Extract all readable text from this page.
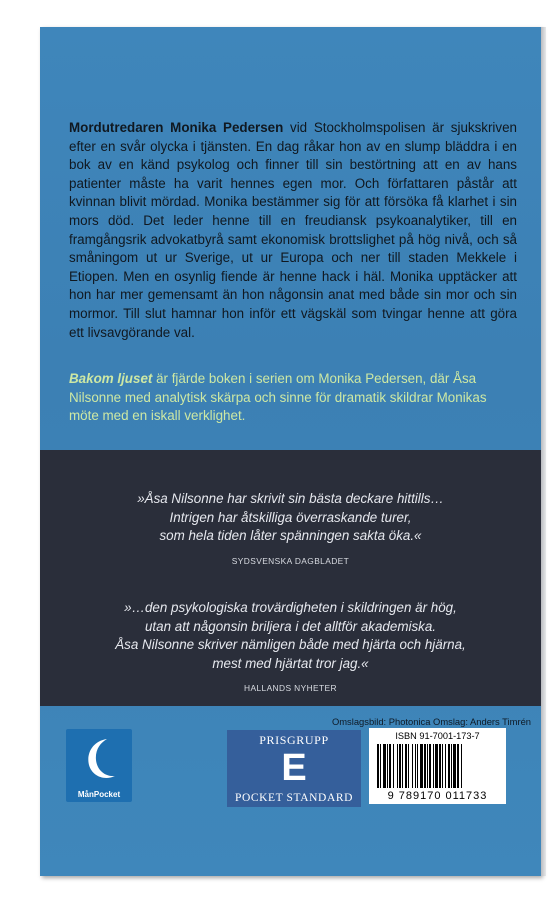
Mordutredaren Monika Pedersen vid Stockholmspolisen är sjukskriven efter en svår olycka i tjänsten. En dag råkar hon av en slump bläddra i en bok av en känd psykolog och finner till sin bestörtning att en av hans patienter måste ha varit hennes egen mor. Och författaren påstår att kvinnan blivit mördad. Monika bestämmer sig för att försöka få klarhet i sin mors död. Det leder henne till en freudiansk psykoanalytiker, till en framgångsrik advokatbyrå samt ekonomisk brottslighet på hög nivå, och så småningom ut ur Sverige, ut ur Europa och ner till staden Mekkele i Etiopen. Men en osynlig fiende är henne hack i häl. Monika upptäcker att hon har mer gemensamt än hon någonsin anat med både sin mor och sin mormor. Till slut hamnar hon inför ett vägskäl som tvingar henne att göra ett livsavgörande val.

Bakom ljuset är fjärde boken i serien om Monika Pedersen, där Åsa Nilsonne med analytisk skärpa och sinne för dramatik skildrar Monikas möte med en iskall verklighet.

»Åsa Nilsonne har skrivit sin bästa deckare hittills…

Intrigen har åtskilliga överraskande turer,

som hela tiden låter spänningen sakta öka.«

SYDSVENSKA DAGBLADET

»…den psykologiska trovärdigheten i skildringen är hög,

utan att någonsin briljera i det alltför akademiska.

Åsa Nilsonne skriver nämligen både med hjärta och hjärna,

mest med hjärtat tror jag.«

HALLANDS NYHETER

Omslagsbild: Photonica Omslag: Anders Timrén
MånPocket
PRISGRUPP
E
POCKET STANDARD
ISBN 91-7001-173-7
9 789170 011733
